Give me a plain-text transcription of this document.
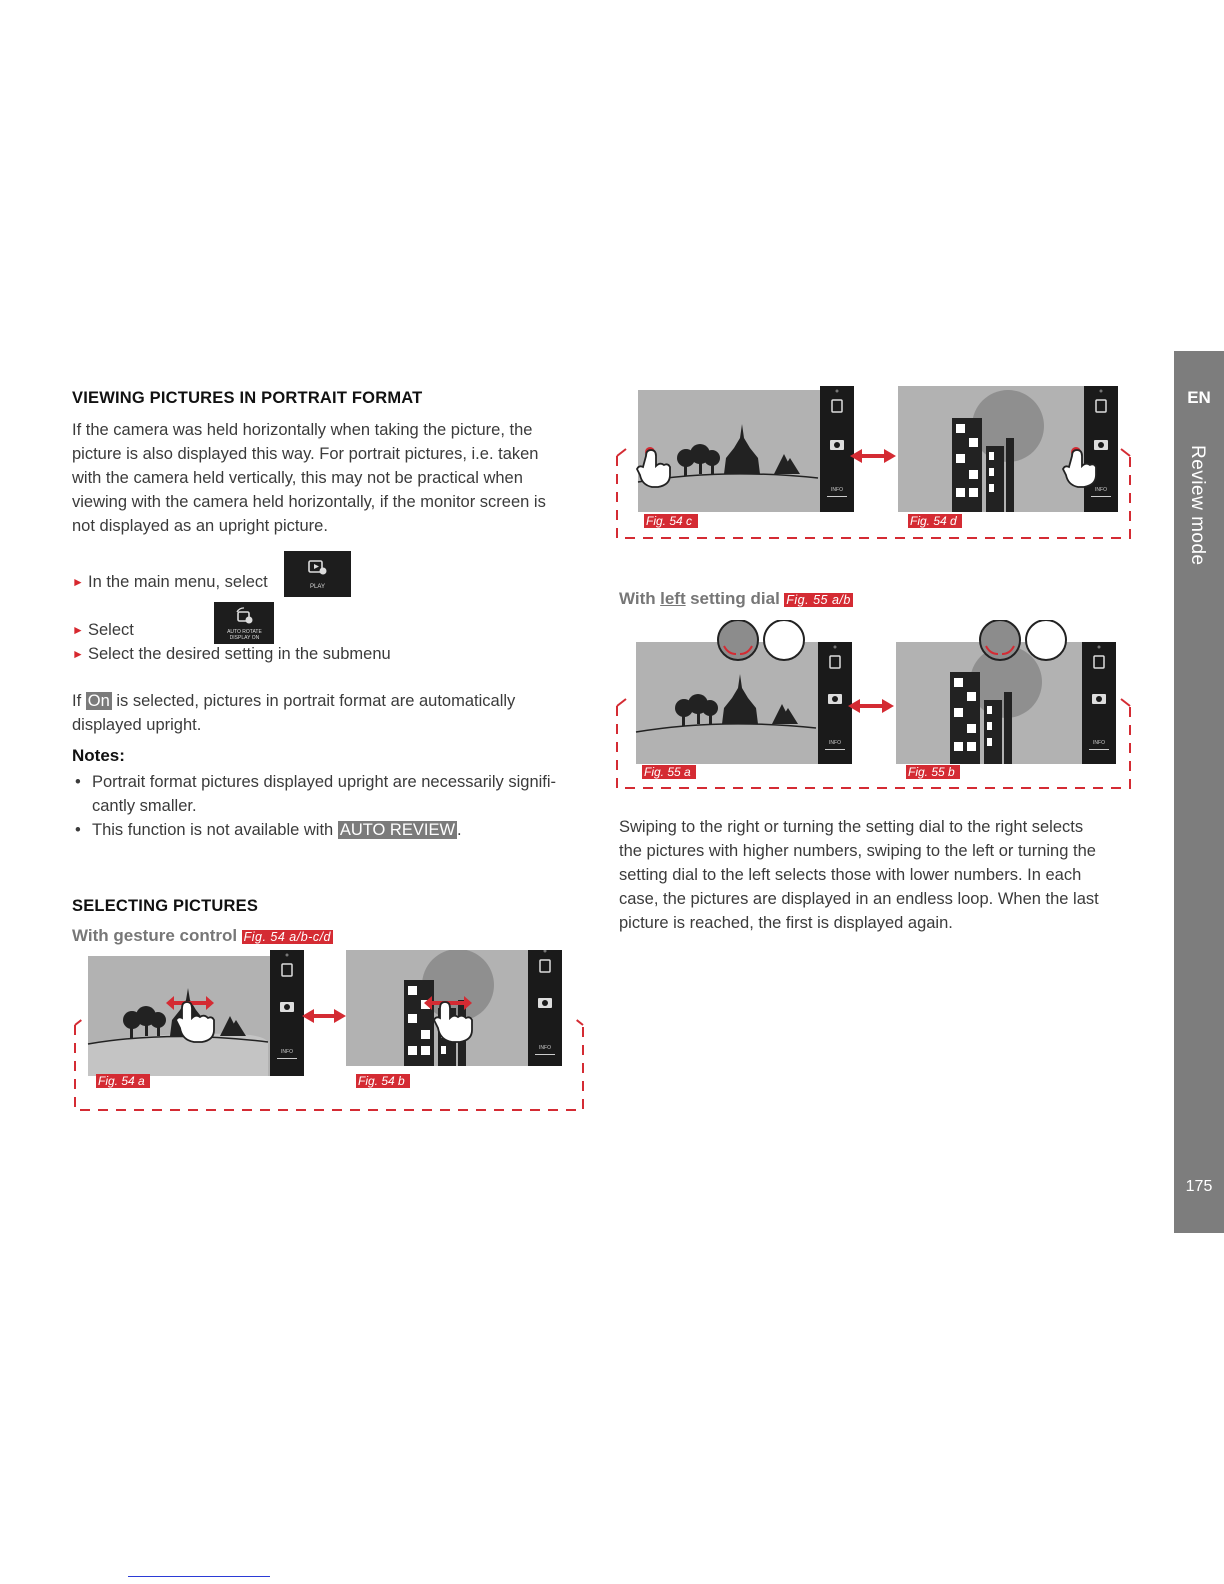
EN
Review mode
175
VIEWING PICTURES IN PORTRAIT FORMAT
If the camera was held horizontally when taking the picture, the
picture is also displayed this way. For portrait pictures, i.e. taken
with the camera held vertically, this may not be practical when
viewing with the camera held horizontally, if the monitor screen is
not displayed as an upright picture.
► In the main menu, select	PLAY

► Select	AUTO ROTATE
DISPLAY ON
► Select the desired setting in the submenu
If On is selected, pictures in portrait format are automatically
displayed upright.
Notes:
• Portrait format pictures displayed upright are necessarily signifi-
cantly smaller.
• This function is not available with AUTO REVIEW .
SELECTING PICTURES
With gesture control Fig. 54 a/b-c/d
INFO
INFO
Fig. 54 a	Fig. 54 b
INFO	INFO
Fig. 54 c	Fig. 54 d
With left setting dial Fig. 55 a/b
INFO	INFO
Fig. 55 a	Fig. 55 b
Swiping to the right or turning the setting dial to the right selects
the pictures with higher numbers, swiping to the left or turning the
setting dial to the left selects those with lower numbers. In each
case, the pictures are displayed in an endless loop. When the last
picture is reached, the first is displayed again.
